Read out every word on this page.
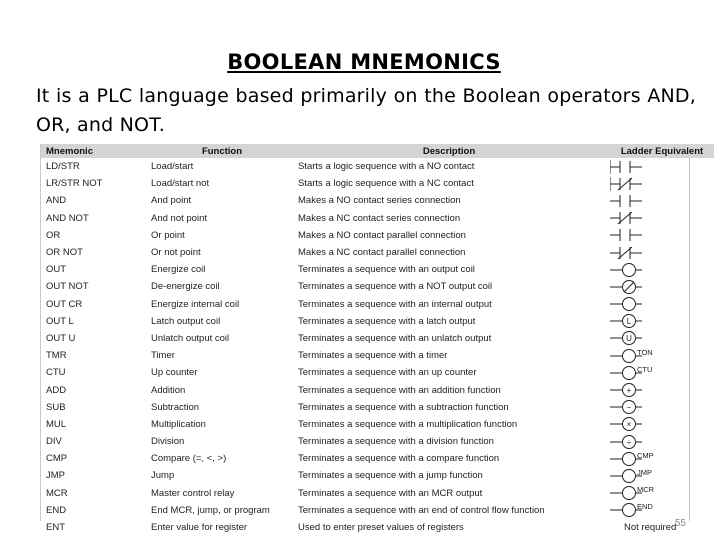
BOOLEAN MNEMONICS
It is a PLC language based primarily on the Boolean operators AND, OR, and NOT.
Mnemonic	Function	Description	Ladder Equivalent
LD/STR	Load/start	Starts a logic sequence with a NO contact	

LR/STR NOT	Load/start not	Starts a logic sequence with a NC contact	

AND	And point	Makes a NO contact series connection	

AND NOT	And not point	Makes a NC contact series connection	

OR	Or point	Makes a NO contact parallel connection	

OR NOT	Or not point	Makes a NC contact parallel connection	

OUT	Energize coil	Terminates a sequence with an output coil	

OUT NOT	De-energize coil	Terminates a sequence with a NOT output coil	

OUT CR	Energize internal coil	Terminates a sequence with an internal output	

OUT L	Latch output coil	Terminates a sequence with a latch output	L

OUT U	Unlatch output coil	Terminates a sequence with an unlatch output	U

TMR	Timer	Terminates a sequence with a timer	TON

CTU	Up counter	Terminates a sequence with an up counter	CTU

ADD	Addition	Terminates a sequence with an addition function	+

SUB	Subtraction	Terminates a sequence with a subtraction function	−

MUL	Multiplication	Terminates a sequence with a multiplication function	×

DIV	Division	Terminates a sequence with a division function	÷

CMP	Compare (=, <, >)	Terminates a sequence with a compare function	CMP

JMP	Jump	Terminates a sequence with a jump function	JMP

MCR	Master control relay	Terminates a sequence with an MCR output	MCR

END	End MCR, jump, or program	Terminates a sequence with an end of control flow function	END

ENT	Enter value for register	Used to enter preset values of registers	Not required
55
